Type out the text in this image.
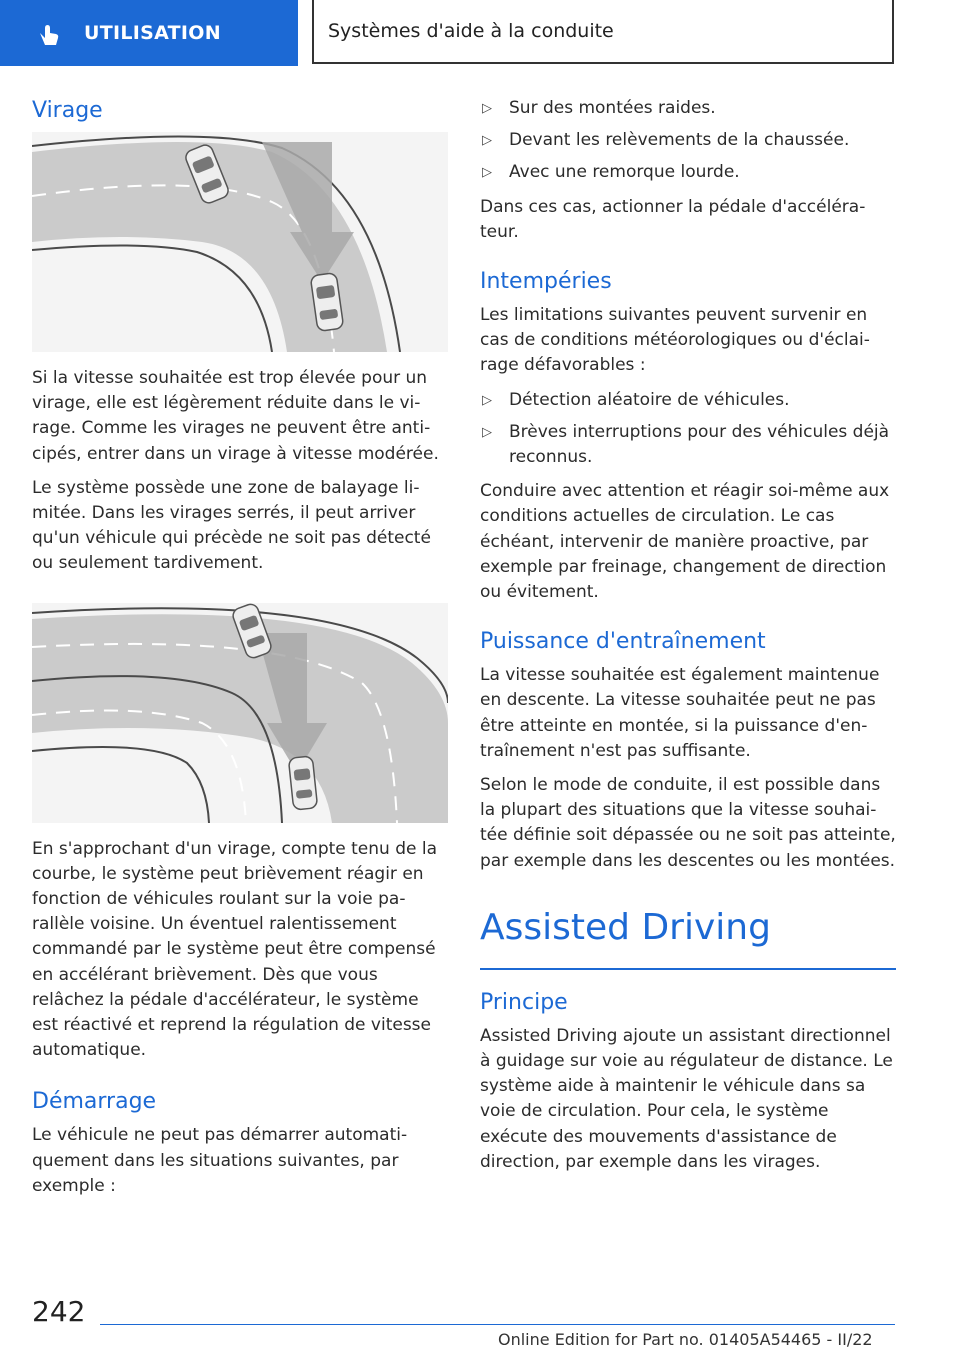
UTILISATION	Systèmes d'aide à la conduite
Virage

Si la vitesse souhaitée est trop élevée pour un virage, elle est légèrement réduite dans le virage. Comme les virages ne peuvent être anticipés, entrer dans un virage à vitesse modérée.

Le système possède une zone de balayage limitée. Dans les virages serrés, il peut arriver qu'un véhicule qui précède ne soit pas détecté ou seulement tardivement.

En s'approchant d'un virage, compte tenu de la courbe, le système peut brièvement réagir en fonction de véhicules roulant sur la voie parallèle voisine. Un éventuel ralentissement commandé par le système peut être compensé en accélérant brièvement. Dès que vous relâchez la pédale d'accélérateur, le système est réactivé et reprend la régulation de vitesse automatique.

Démarrage

Le véhicule ne peut pas démarrer automatiquement dans les situations suivantes, par exemple :

▷ Sur des montées raides.
▷ Devant les relèvements de la chaussée.
▷ Avec une remorque lourde.

Dans ces cas, actionner la pédale d'accélérateur.

Intempéries

Les limitations suivantes peuvent survenir en cas de conditions météorologiques ou d'éclairage défavorables :

▷ Détection aléatoire de véhicules.
▷ Brèves interruptions pour des véhicules déjà reconnus.

Conduire avec attention et réagir soi-même aux conditions actuelles de circulation. Le cas échéant, intervenir de manière proactive, par exemple par freinage, changement de direction ou évitement.

Puissance d'entraînement

La vitesse souhaitée est également maintenue en descente. La vitesse souhaitée peut ne pas être atteinte en montée, si la puissance d'entraînement n'est pas suffisante.

Selon le mode de conduite, il est possible dans la plupart des situations que la vitesse souhaitée définie soit dépassée ou ne soit pas atteinte, par exemple dans les descentes ou les montées.

Assisted Driving
Principe

Assisted Driving ajoute un assistant directionnel à guidage sur voie au régulateur de distance. Le système aide à maintenir le véhicule dans sa voie de circulation. Pour cela, le système exécute des mouvements d'assistance de direction, par exemple dans les virages.

242
Online Edition for Part no. 01405A54465 - II/22
